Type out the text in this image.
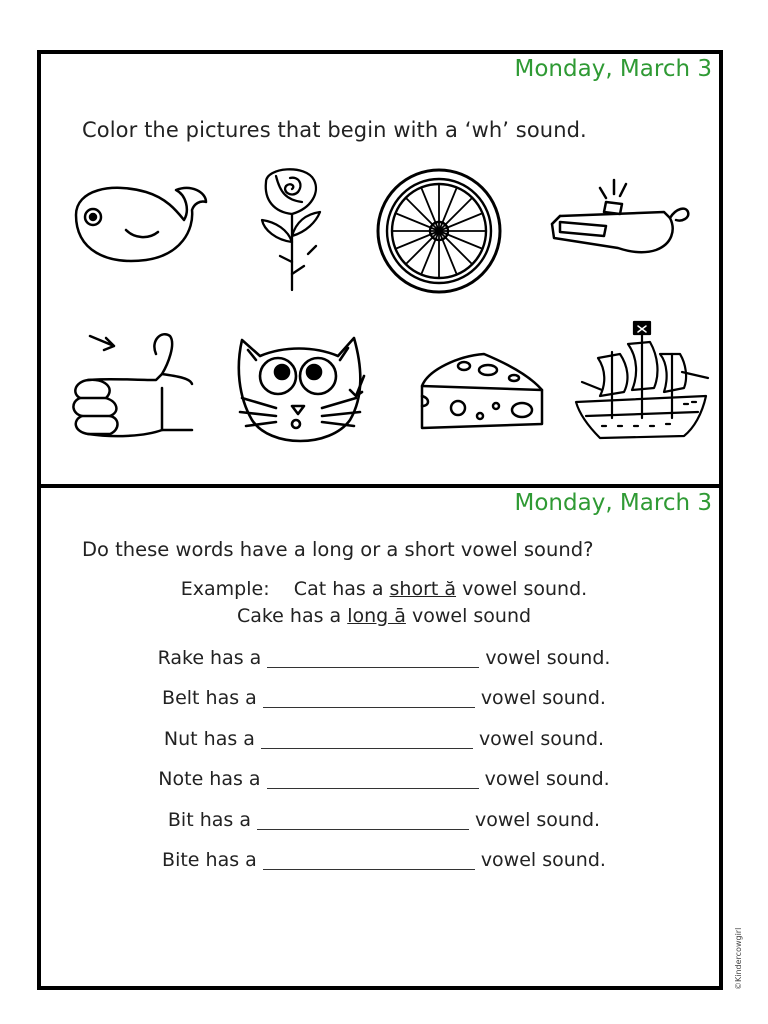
Monday, March 3
Color the pictures that begin with a ‘wh’ sound.
Monday, March 3
Do these words have a long or a short vowel sound?
Example: Cat has a short ă vowel sound.
Cake has a long ā vowel sound
Rake has a	vowel sound.
Belt has a	vowel sound.
Nut has a	vowel sound.
Note has a	vowel sound.
Bit has a	vowel sound.
Bite has a	vowel sound.
©Kindercowgirl
